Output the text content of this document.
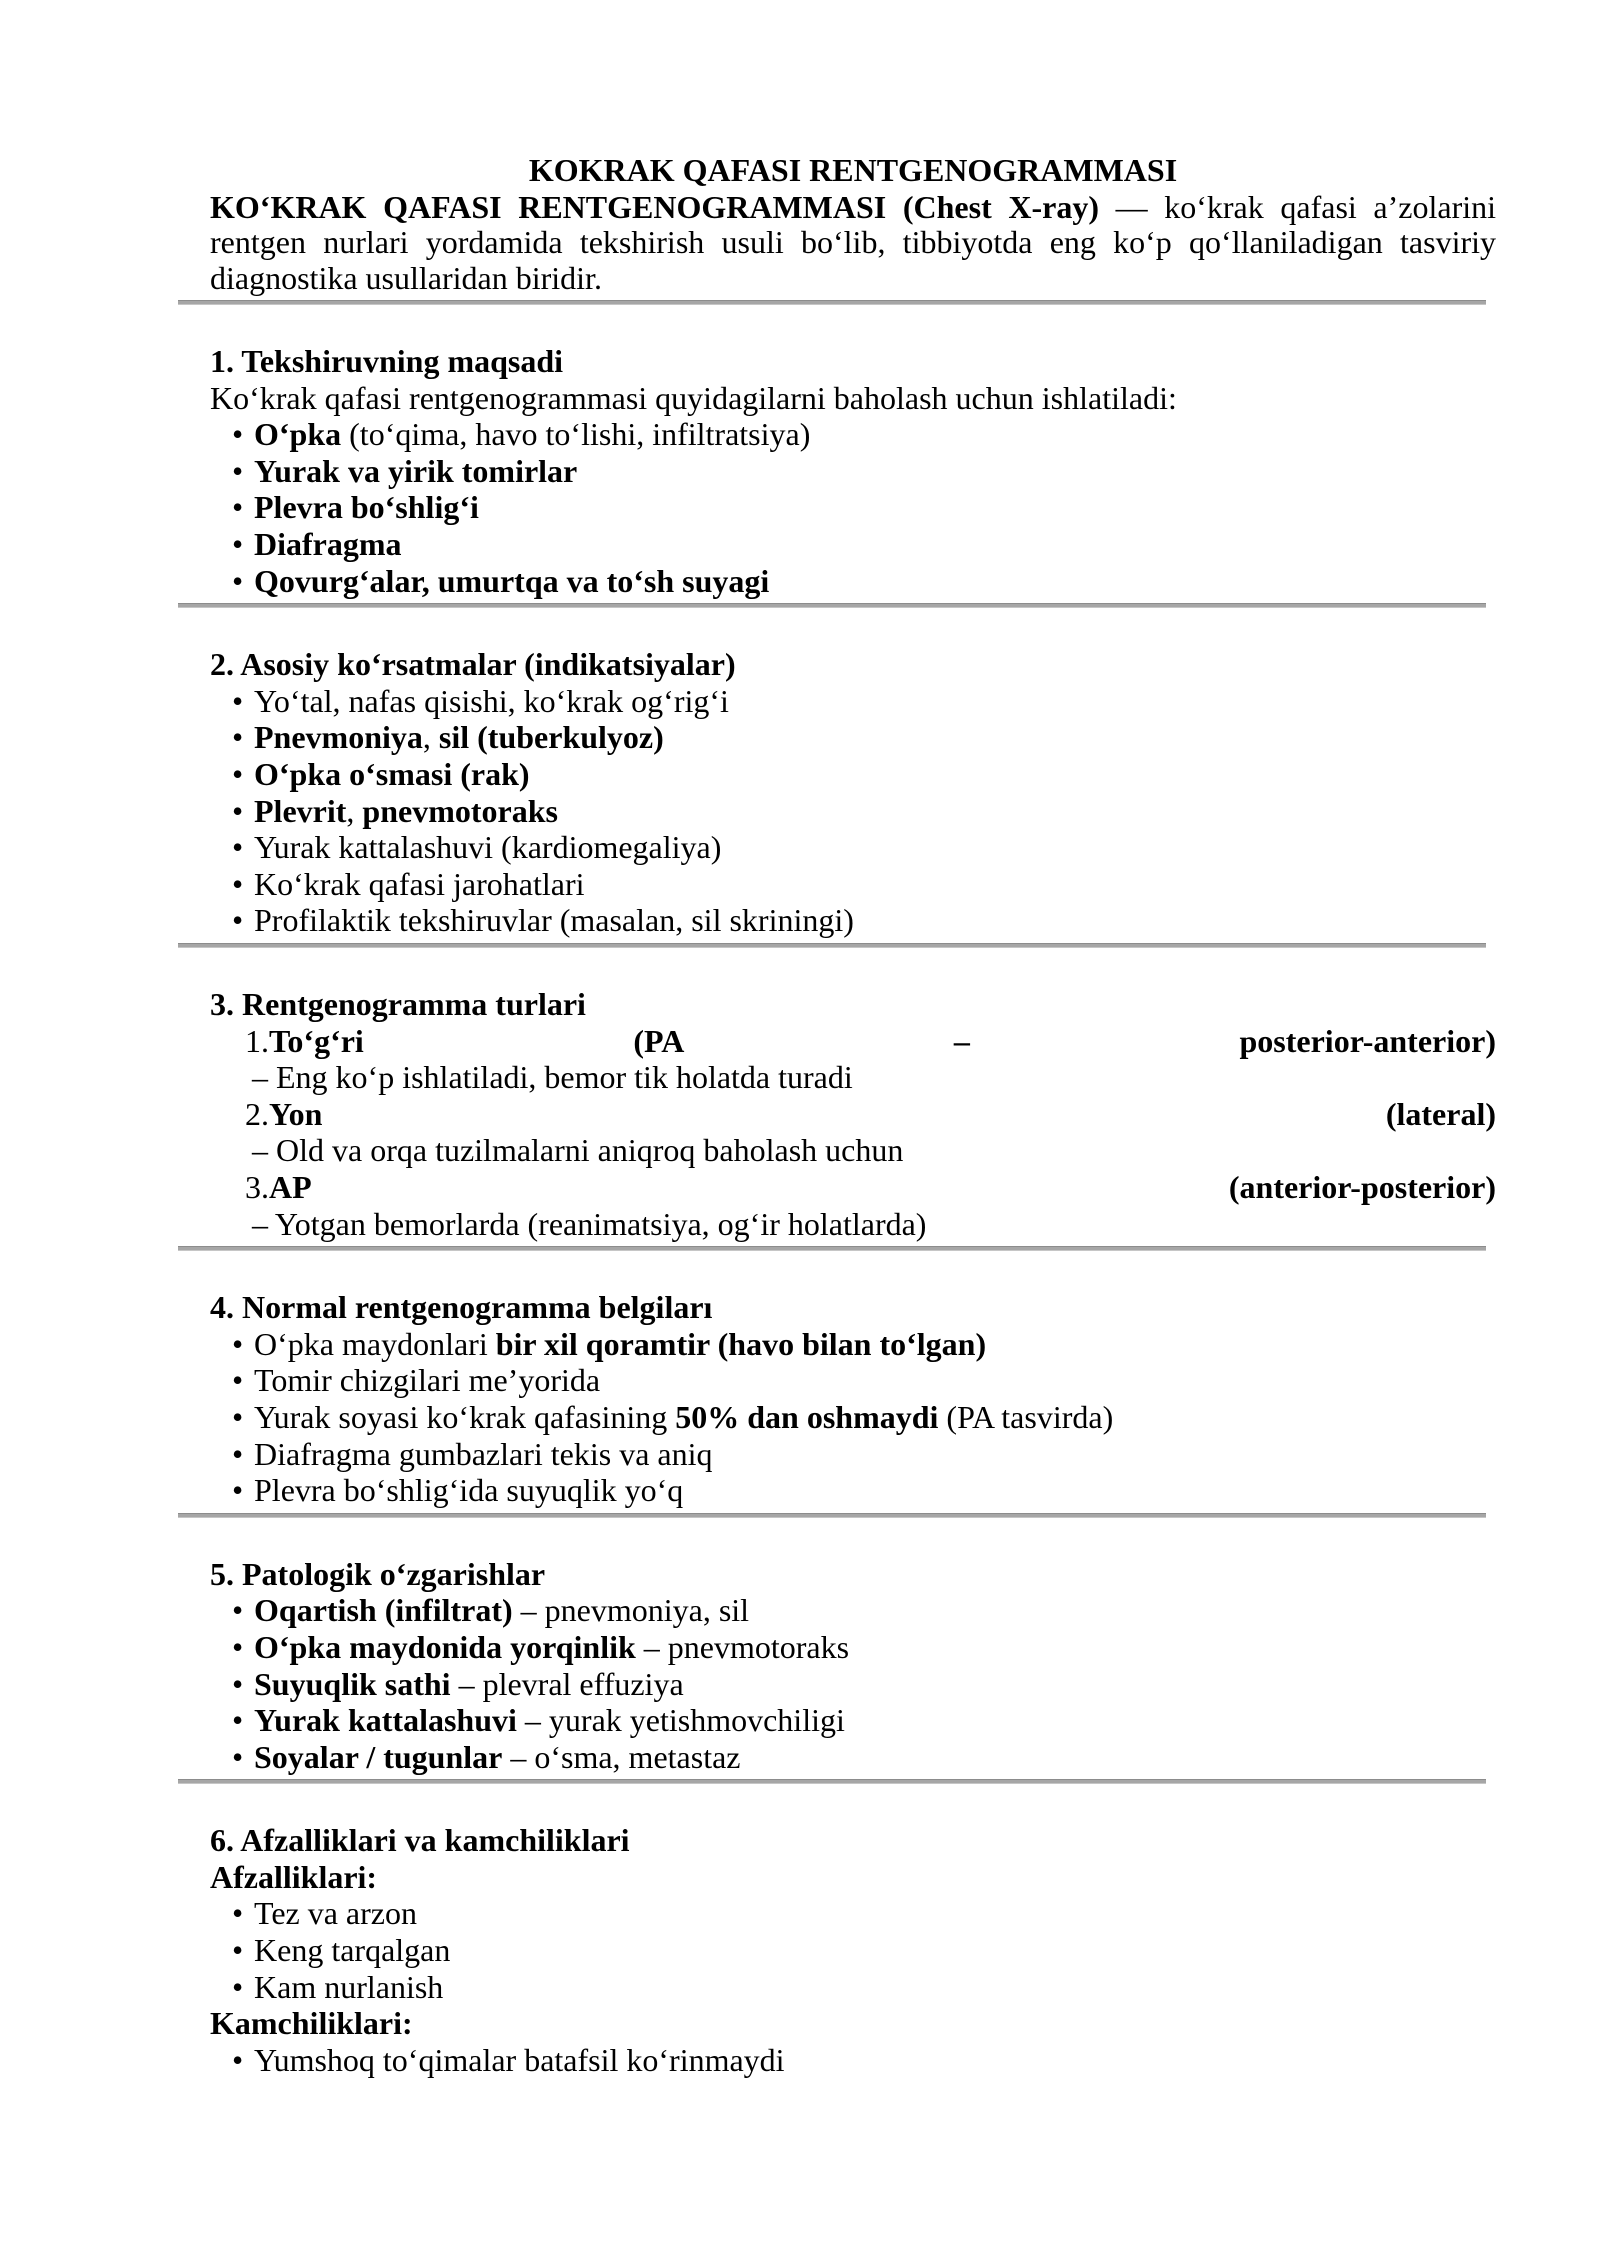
KOKRAK QAFASI RENTGENOGRAMMASI

KOʻKRAK QAFASI RENTGENOGRAMMASI (Chest X-ray) — koʻkrak qafasi aʼzolarini rentgen nurlari yordamida tekshirish usuli boʻlib, tibbiyotda eng koʻp qoʻllaniladigan tasviriy diagnostika usullaridan biridir.

1. Tekshiruvning maqsadi
Koʻkrak qafasi rentgenogrammasi quyidagilarni baholash uchun ishlatiladi:
• Oʻpka (toʻqima, havo toʻlishi, infiltratsiya)
• Yurak va yirik tomirlar
• Plevra boʻshligʻi
• Diafragma
• Qovurgʻalar, umurtqa va toʻsh suyagi
2. Asosiy koʻrsatmalar (indikatsiyalar)
• Yoʻtal, nafas qisishi, koʻkrak ogʻrigʻi
• Pnevmoniya, sil (tuberkulyoz)
• Oʻpka oʻsmasi (rak)
• Plevrit, pnevmotoraks
• Yurak kattalashuvi (kardiomegaliya)
• Koʻkrak qafasi jarohatlari
• Profilaktik tekshiruvlar (masalan, sil skriningi)
3. Rentgenogramma turlari
1. Toʻgʻri	(PA	–	posterior-anterior)
– Eng koʻp ishlatiladi, bemor tik holatda turadi
2. Yon	(lateral)
– Old va orqa tuzilmalarni aniqroq baholash uchun
3. AP	(anterior-posterior)
– Yotgan bemorlarda (reanimatsiya, ogʻir holatlarda)
4. Normal rentgenogramma belgiları
• Oʻpka maydonlari bir xil qoramtir (havo bilan toʻlgan)
• Tomir chizgilari meʼyorida
• Yurak soyasi koʻkrak qafasining 50% dan oshmaydi (PA tasvirda)
• Diafragma gumbazlari tekis va aniq
• Plevra boʻshligʻida suyuqlik yoʻq
5. Patologik oʻzgarishlar
• Oqartish (infiltrat) – pnevmoniya, sil
• Oʻpka maydonida yorqinlik – pnevmotoraks
• Suyuqlik sathi – plevral effuziya
• Yurak kattalashuvi – yurak yetishmovchiligi
• Soyalar / tugunlar – oʻsma, metastaz
6. Afzalliklari va kamchiliklari
Afzalliklari:
• Tez va arzon
• Keng tarqalgan
• Kam nurlanish
Kamchiliklari:
• Yumshoq toʻqimalar batafsil koʻrinmaydi
